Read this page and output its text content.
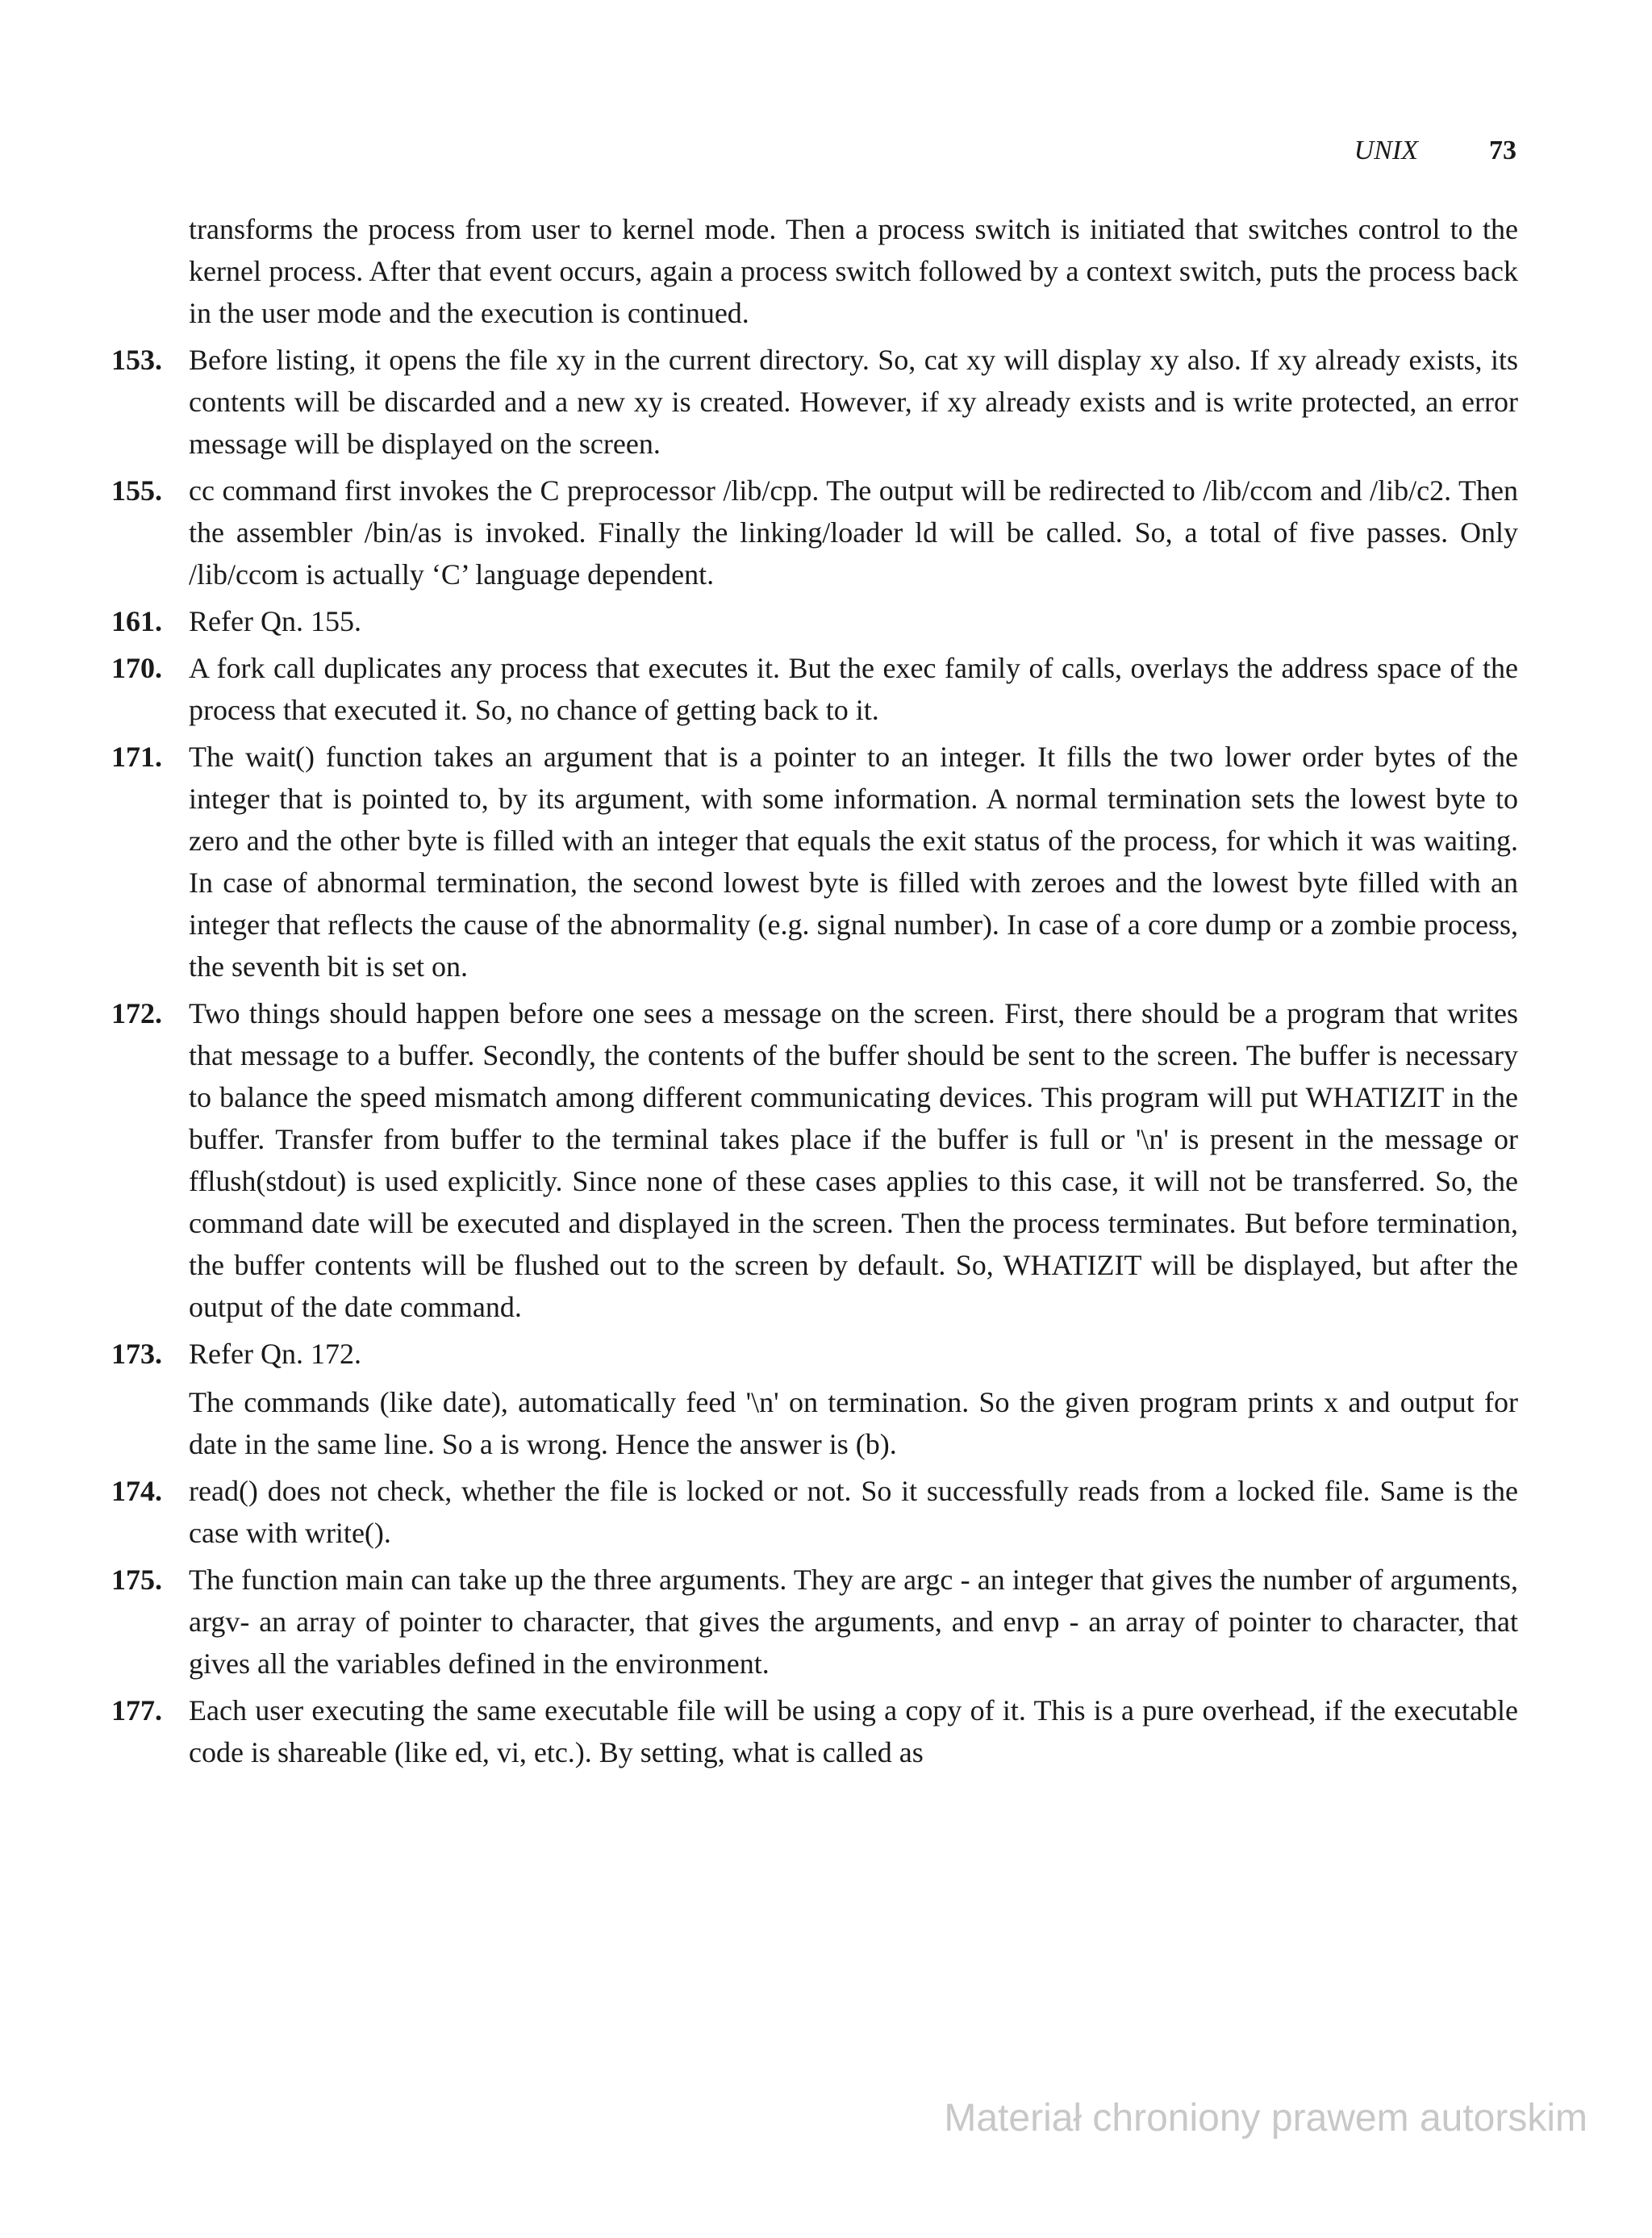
UNIX	73

transforms the process from user to kernel mode. Then a process switch is initiated that switches control to the kernel process. After that event occurs, again a process switch followed by a context switch, puts the process back in the user mode and the execution is continued.

153. Before listing, it opens the file xy in the current directory. So, cat xy will display xy also. If xy already exists, its contents will be discarded and a new xy is created. However, if xy already exists and is write protected, an error message will be displayed on the screen.
155. cc command first invokes the C preprocessor /lib/cpp. The output will be redirected to /lib/ccom and /lib/c2. Then the assembler /bin/as is invoked. Finally the linking/loader ld will be called. So, a total of five passes. Only /lib/ccom is actually ‘C’ language dependent.
161. Refer Qn. 155.
170. A fork call duplicates any process that executes it. But the exec family of calls, overlays the address space of the process that executed it. So, no chance of getting back to it.
171. The wait() function takes an argument that is a pointer to an integer. It fills the two lower order bytes of the integer that is pointed to, by its argument, with some information. A normal termination sets the lowest byte to zero and the other byte is filled with an integer that equals the exit status of the process, for which it was waiting. In case of abnormal termination, the second lowest byte is filled with zeroes and the lowest byte filled with an integer that reflects the cause of the abnormality (e.g. signal number). In case of a core dump or a zombie process, the seventh bit is set on.
172. Two things should happen before one sees a message on the screen. First, there should be a program that writes that message to a buffer. Secondly, the contents of the buffer should be sent to the screen. The buffer is necessary to balance the speed mismatch among different communicating devices. This program will put WHATIZIT in the buffer. Transfer from buffer to the terminal takes place if the buffer is full or '\n' is present in the message or fflush(stdout) is used explicitly. Since none of these cases applies to this case, it will not be transferred. So, the command date will be executed and displayed in the screen. Then the process terminates. But before termination, the buffer contents will be flushed out to the screen by default. So, WHATIZIT will be displayed, but after the output of the date command.
173. Refer Qn. 172.
The commands (like date), automatically feed '\n' on termination. So the given program prints x and output for date in the same line. So a is wrong. Hence the answer is (b).
174. read() does not check, whether the file is locked or not. So it successfully reads from a locked file. Same is the case with write().
175. The function main can take up the three arguments. They are argc - an integer that gives the number of arguments, argv- an array of pointer to character, that gives the arguments, and envp - an array of pointer to character, that gives all the variables defined in the environment.
177. Each user executing the same executable file will be using a copy of it. This is a pure overhead, if the executable code is shareable (like ed, vi, etc.). By setting, what is called as
Materiał chroniony prawem autorskim
